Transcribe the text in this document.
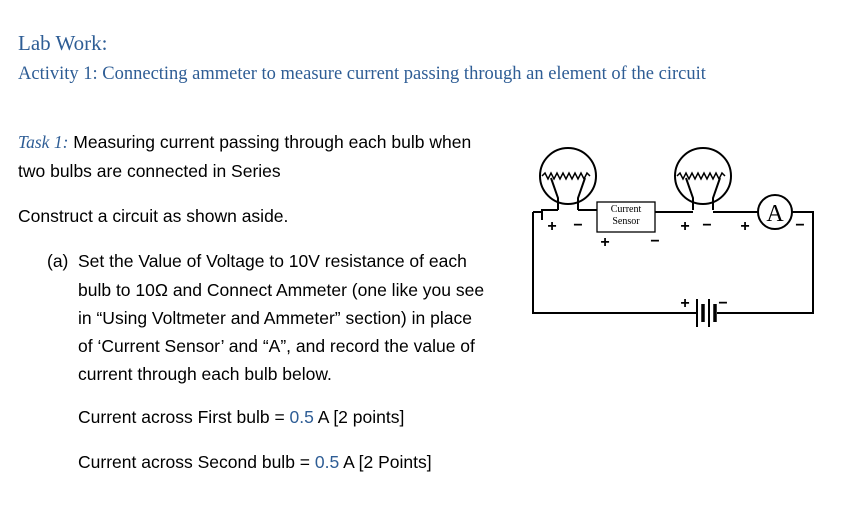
Lab Work:
Activity 1: Connecting ammeter to measure current passing through an element of the circuit
Task 1: Measuring current passing through each bulb when
two bulbs are connected in Series
Construct a circuit as shown aside.
(a) Set the Value of Voltage to 10V resistance of each
bulb to 10Ω and Connect Ammeter (one like you see
in “Using Voltmeter and Ammeter” section) in place
of ‘Current Sensor’ and “A”, and record the value of
current through each bulb below.
Current across First bulb = 0.5 A [2 points]
Current across Second bulb = 0.5 A [2 Points]
Current
Sensor	A
+ −
+	−
+ − +	−
+ −
